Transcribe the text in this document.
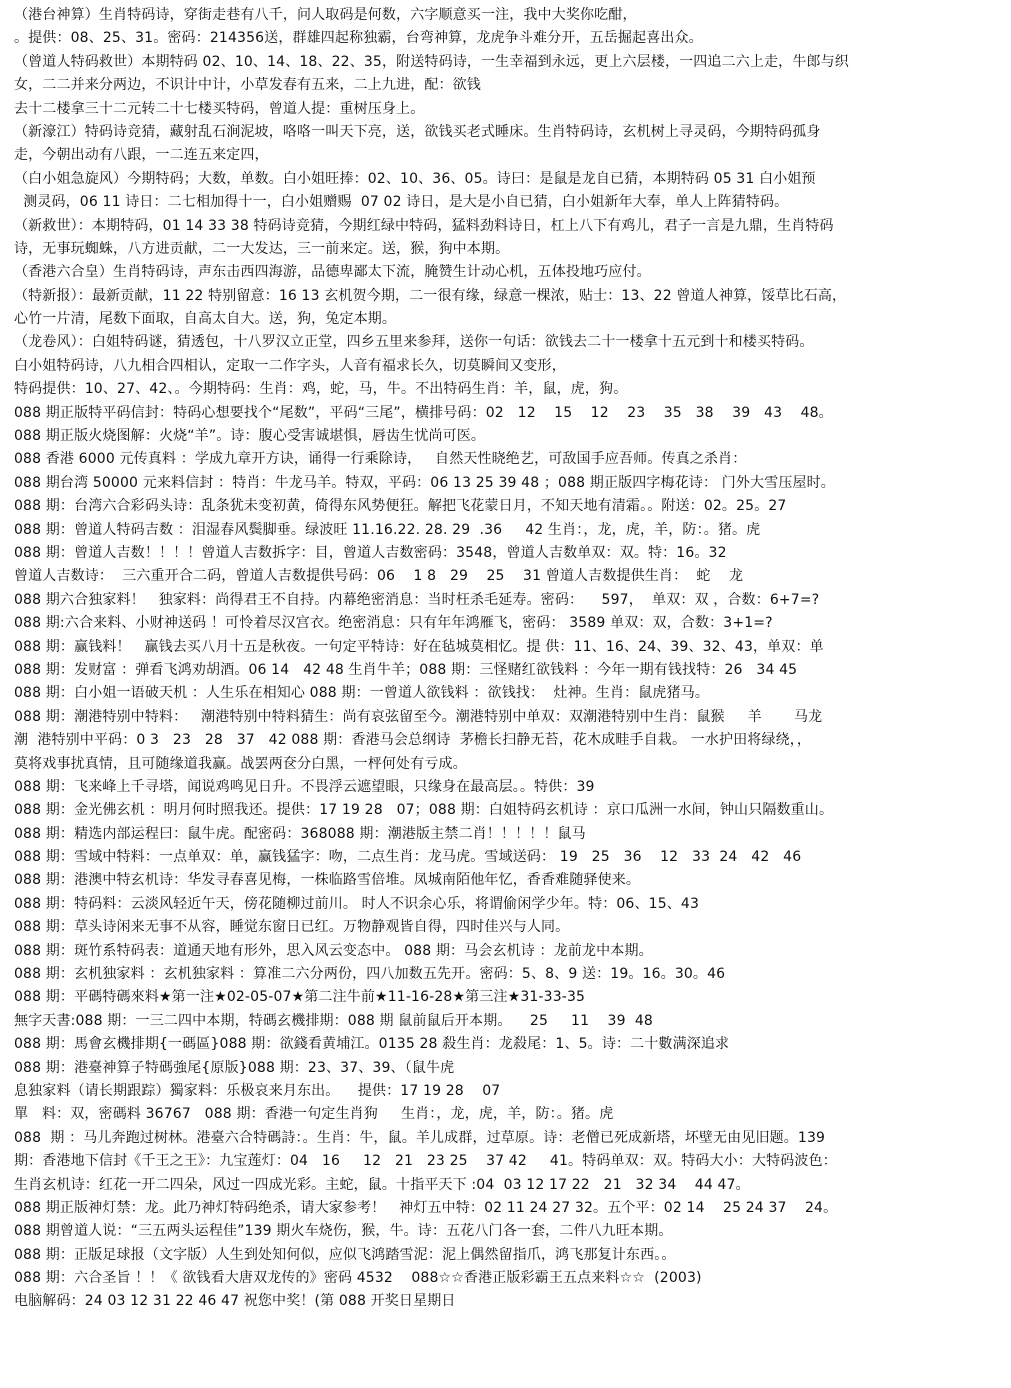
（港台神算）生肖特码诗，穿街走巷有八千，问人取码是何数，六字顺意买一注，我中大奖你吃酣，
。提供：08、25、31。密码：214356送，群雄四起称独霸，台弯神算，龙虎争斗难分开，五岳掘起喜出众。
（曾道人特码救世）本期特码 02、10、14、18、22、35，附送特码诗，一生幸福到永远，更上六层楼，一四追二六上走，牛郎与织
女，二二并来分两边，不识计中计，小草发春有五来，二上九进，配：欲钱
去十二楼拿三十二元转二十七楼买特码，曾道人提：重树压身上。
（新濠江）特码诗竞猜，藏射乱石涧泥坡，咯咯一叫天下亮，送，欲钱买老式睡床。生肖特码诗，玄机树上寻灵码，今期特码孤身
走，今朝出动有八跟，一二连五来定四，
（白小姐急旋风）今期特码；大数，单数。白小姐旺捧：02、10、36、05。诗曰：是鼠是龙自已猜，本期特码 05 31 白小姐预
测灵码，06 11 诗日：二七相加得十一，白小姐赠赐  07 02 诗日，是大是小自已猜，白小姐新年大奉，单人上阵猜特码。
（新救世）：本期特码，01 14 33 38 特码诗竞猜，今期红绿中特码，猛料劲料诗日，杠上八下有鸡儿，君子一言是九鼎，生肖特码
诗，无事玩蜘蛛，八方进贡献，二一大发达，三一前来定。送，猴，狗中本期。
（香港六合皇）生肖特码诗，声东击西四海游，品德卑鄙太下流，腌赞生计动心机，五体投地巧应付。
（特新报）：最新贡献，11 22 特别留意：16 13 玄机贺今期，二一很有缘，绿意一棵浓，贴士：13、22 曾道人神算，馁草比石高，
心竹一片清，尾数下面取，自高太自大。送，狗，兔定本期。
（龙卷风）：白姐特码谜，猜透包，十八罗汉立正堂，四乡五里来参拜，送你一句话：欲钱去二十一楼拿十五元到十和楼买特码。
白小姐特码诗，八九相合四相认，定取一二作字头，人音有福求长久，切莫瞬间又变形，
特码提供：10、27、42、。今期特码：生肖：鸡，蛇，马，牛。不出特码生肖：羊，鼠，虎，狗。
088 期正版特平码信封：特码心想要找个“尾数”，平码“三尾”，横排号码：02   12    15    12    23    35   38    39   43    48。
088 期正版火烧图解：火烧“羊”。诗：腹心受害诚堪惧，唇齿生忧尚可医。
088 香港 6000 元传真料 ：学成九章开方诀，诵得一行乘除诗，   自然天性晓绝艺，可敌国手应吾师。传真之杀肖：
088 期台湾 50000 元来料信封 ：特肖：牛龙马羊。特双，平码：06 13 25 39 48 ；088 期正版四字梅花诗： 门外大雪压屋时。
088 期：台湾六合彩码头诗：乱条犹未变初黄，倚得东风势便狂。解把飞花蒙日月，不知天地有清霜。。附送：02。25。27
088 期：曾道人特码吉数 ：泪湿春风鬓脚垂。绿波旺 11.16.22. 28. 29  .36     42 生肖：，龙，虎，羊，防：。猪。虎
088 期：曾道人吉数！！！！曾道人吉数拆字：目，曾道人吉数密码：3548，曾道人吉数单双：双。特：16。32
曾道人吉数诗：  三六重开合二码，曾道人吉数提供号码：06    1 8   29    25    31 曾道人吉数提供生肖：  蛇    龙
088 期六合独家料！   独家料：尚得君王不自持。内幕绝密消息：当时枉杀毛延寿。密码：    597，  单双：双 ，合数：6+7=?
088 期:六合来料、小财神送码 ！可怜着尽汉宫衣。绝密消息：只有年年鸿雁飞，密码： 3589 单双：双，合数：3+1=?
088 期：赢钱料！   赢钱去买八月十五是秋夜。一句定平特诗：好在毡城莫相忆。提 供：11、16、24、39、32、43，单双：单
088 期：发财富 ：弹看飞鸿劝胡酒。06 14   42 48 生肖牛羊；088 期：三怪赌红欲钱料 ：今年一期有钱找特：26   34 45
088 期：白小姐一语破天机 ：人生乐在相知心 088 期：一曾道人欲钱料 ：欲钱找：  灶神。生肖：鼠虎猪马。
088 期：潮港特别中特料：   潮港特别中特料猜生：尚有哀弦留至今。潮港特别中单双：双潮港特别中生肖：鼠猴     羊       马龙
潮  港特别中平码：0 3   23   28   37   42 088 期：香港马会总纲诗  茅檐长扫静无苔，花木成畦手自栽。 一水护田将绿绕，，
莫将戏事扰真情，且可随缘道我赢。战罢两奁分白黑，一枰何处有亏成。
088 期：飞来峰上千寻塔，闻说鸡鸣见日升。不畏浮云遮望眼，只缘身在最高层。。特供：39
088 期：金光佛玄机 ：明月何时照我还。提供：17 19 28   07；088 期：白姐特码玄机诗 ：京口瓜洲一水间，钟山只隔数重山。
088 期：精选内部运程曰：鼠牛虎。配密码：368088 期：潮港版主禁二肖！！！！！鼠马
088 期：雪域中特料：一点单双：单，赢钱猛字：吻，二点生肖：龙马虎。雪域送码： 19   25   36    12   33  24   42   46
088 期：港澳中特玄机诗：华发寻春喜见梅，一株临路雪倍堆。凤城南陌他年忆，香香难随驿使来。
088 期：特码料：云淡风轻近午天，傍花随柳过前川。 时人不识余心乐，将谓偷闲学少年。特：06、15、43
088 期：草头诗闲来无事不从容，睡觉东窗日已红。万物静观皆自得，四时佳兴与人同。
088 期：斑竹系特码表：道通天地有形外，思入风云变态中。 088 期：马会玄机诗 ：龙前龙中本期。
088 期：玄机独家料 ：玄机独家料 ：算准二六分两份，四八加数五先开。密码：5、8、9 送：19。16。30。46
088 期：平碼特碼來料★第一注★02-05-07★第二注牛前★11-16-28★第三注★31-33-35
無字天書:088 期：一三二四中本期，特碼玄機排期：088 期 鼠前鼠后开本期。    25     11    39  48
088 期：馬會玄機排期{一碼區}088 期：欲錢看黄埔江。0135 28 殺生肖：龙殺尾：1、5。诗：二十數满深追求
088 期：港臺神算子特碼強尾{原版}088 期：23、37、39、（鼠牛虎
息独家料（请长期跟踪）獨家料：乐极哀来月东出。    提供：17 19 28    07
單   料：双，密碼料 36767   088 期：香港一句定生肖狗     生肖：，龙，虎，羊，防：。猪。虎
088  期 ：马儿奔跑过树林。港臺六合特碼詩：。生肖：牛，鼠。羊儿成群，过草原。诗：老僧已死成新塔，坏壁无由见旧题。139
期：香港地下信封《千王之王》：九宝莲灯：04   16     12   21   23 25    37 42     41。特码单双：双。特码大小：大特码波色：
生肖玄机诗：红花一开二四朵，风过一四成光彩。主蛇，鼠。十指平天下 :04  03 12 17 22   21   32 34    44 47。
088 期正版神灯禁：龙。此乃神灯特码绝杀，请大家参考！   神灯五中特：02 11 24 27 32。五个平：02 14    25 24 37    24。
088 期曾道人说：“三五两头运程佳”139 期火车烧伤，猴，牛。诗：五花八门各一套，二件八九旺本期。
088 期：正版足球报（文字版）人生到处知何似，应似飞鸿踏雪泥：泥上偶然留指爪，鸿飞那复计东西。。
088 期：六合圣旨 ！！《 欲钱看大唐双龙传的》密码 4532    088☆☆香港正版彩霸王五点来料☆☆  (2003)
电脑解码：24 03 12 31 22 46 47 祝您中奖！(第 088 开奖日星期日
